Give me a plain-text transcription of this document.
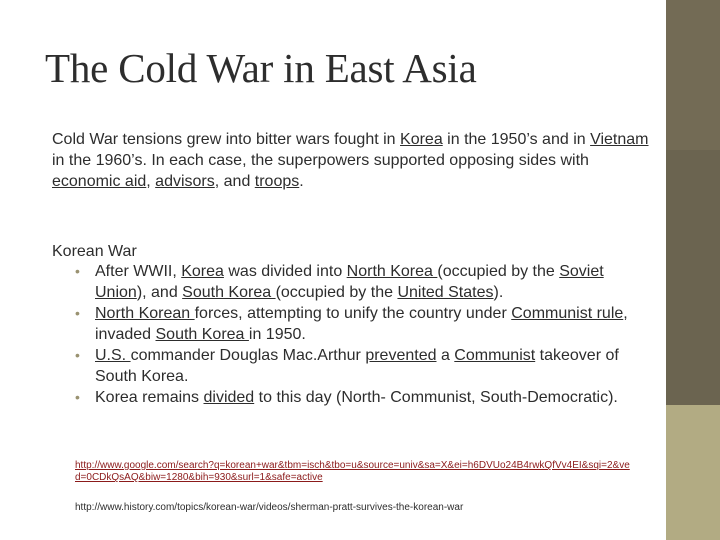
The Cold War in East Asia
Cold War tensions grew into bitter wars fought in Korea in the 1950’s and in Vietnam in the 1960’s. In each case, the superpowers supported opposing sides with economic aid, advisors, and troops.
Korean War
• After WWII, Korea was divided into North Korea (occupied by the Soviet Union), and South Korea (occupied by the United States).
• North Korean forces, attempting to unify the country under Communist rule, invaded South Korea in 1950.
• U.S. commander Douglas Mac.Arthur prevented a Communist takeover of South Korea.
• Korea remains divided to this day (North- Communist, South-Democratic).
http://www.google.com/search?q=korean+war&tbm=isch&tbo=u&source=univ&sa=X&ei=h6DVUo24B4rwkQfVv4EI&sqi=2&ved=0CDkQsAQ&biw=1280&bih=930&surl=1&safe=active
http://www.history.com/topics/korean-war/videos/sherman-pratt-survives-the-korean-war
